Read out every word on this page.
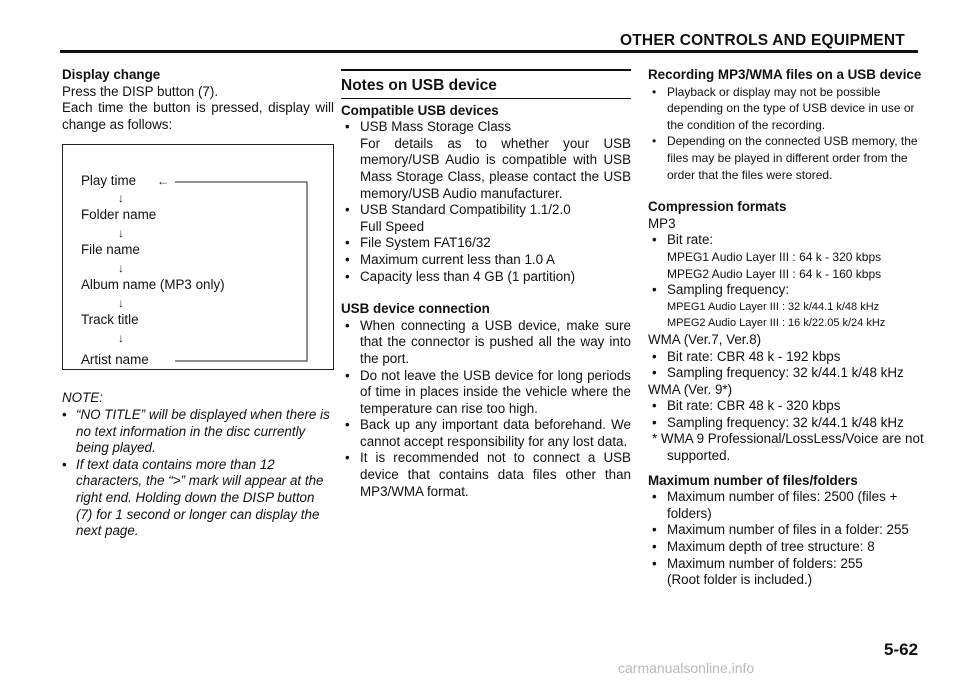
OTHER CONTROLS AND EQUIPMENT

Display change

Press the DISP button (7).

Each time the button is pressed, display will change as follows:

←
Play time
↓
Folder name
↓
File name
↓
Album name (MP3 only)
↓
Track title
↓
Artist name

NOTE:

• “NO TITLE” will be displayed when there is no text information in the disc currently being played.
• If text data contains more than 12 characters, the “>” mark will appear at the right end. Holding down the DISP button (7) for 1 second or longer can display the next page.
Notes on USB device

Compatible USB devices

• USB Mass Storage Class
For details as to whether your USB memory/USB Audio is compatible with USB Mass Storage Class, please contact the USB memory/USB Audio manufacturer.
• USB Standard Compatibility 1.1/2.0
Full Speed
• File System FAT16/32
• Maximum current less than 1.0 A
• Capacity less than 4 GB (1 partition)

USB device connection

• When connecting a USB device, make sure that the connector is pushed all the way into the port.
• Do not leave the USB device for long periods of time in places inside the vehicle where the temperature can rise too high.
• Back up any important data beforehand. We cannot accept responsibility for any lost data.
• It is recommended not to connect a USB device that contains data files other than MP3/WMA format.

Recording MP3/WMA files on a USB device

• Playback or display may not be possible depending on the type of USB device in use or the condition of the recording.
• Depending on the connected USB memory, the files may be played in different order from the order that the files were stored.

Compression formats

MP3

• Bit rate:
MPEG1 Audio Layer III : 64 k - 320 kbps
MPEG2 Audio Layer III : 64 k - 160 kbps
• Sampling frequency:
MPEG1 Audio Layer III : 32 k/44.1 k/48 kHz
MPEG2 Audio Layer III : 16 k/22.05 k/24 kHz

WMA (Ver.7, Ver.8)

• Bit rate: CBR 48 k - 192 kbps
• Sampling frequency: 32 k/44.1 k/48 kHz

WMA (Ver. 9*)

• Bit rate: CBR 48 k - 320 kbps
• Sampling frequency: 32 k/44.1 k/48 kHz

* WMA 9 Professional/LossLess/Voice are not supported.

Maximum number of files/folders

• Maximum number of files: 2500 (files + folders)
• Maximum number of files in a folder: 255
• Maximum depth of tree structure: 8
• Maximum number of folders: 255

(Root folder is included.)

5-62
carmanualsonline.info
